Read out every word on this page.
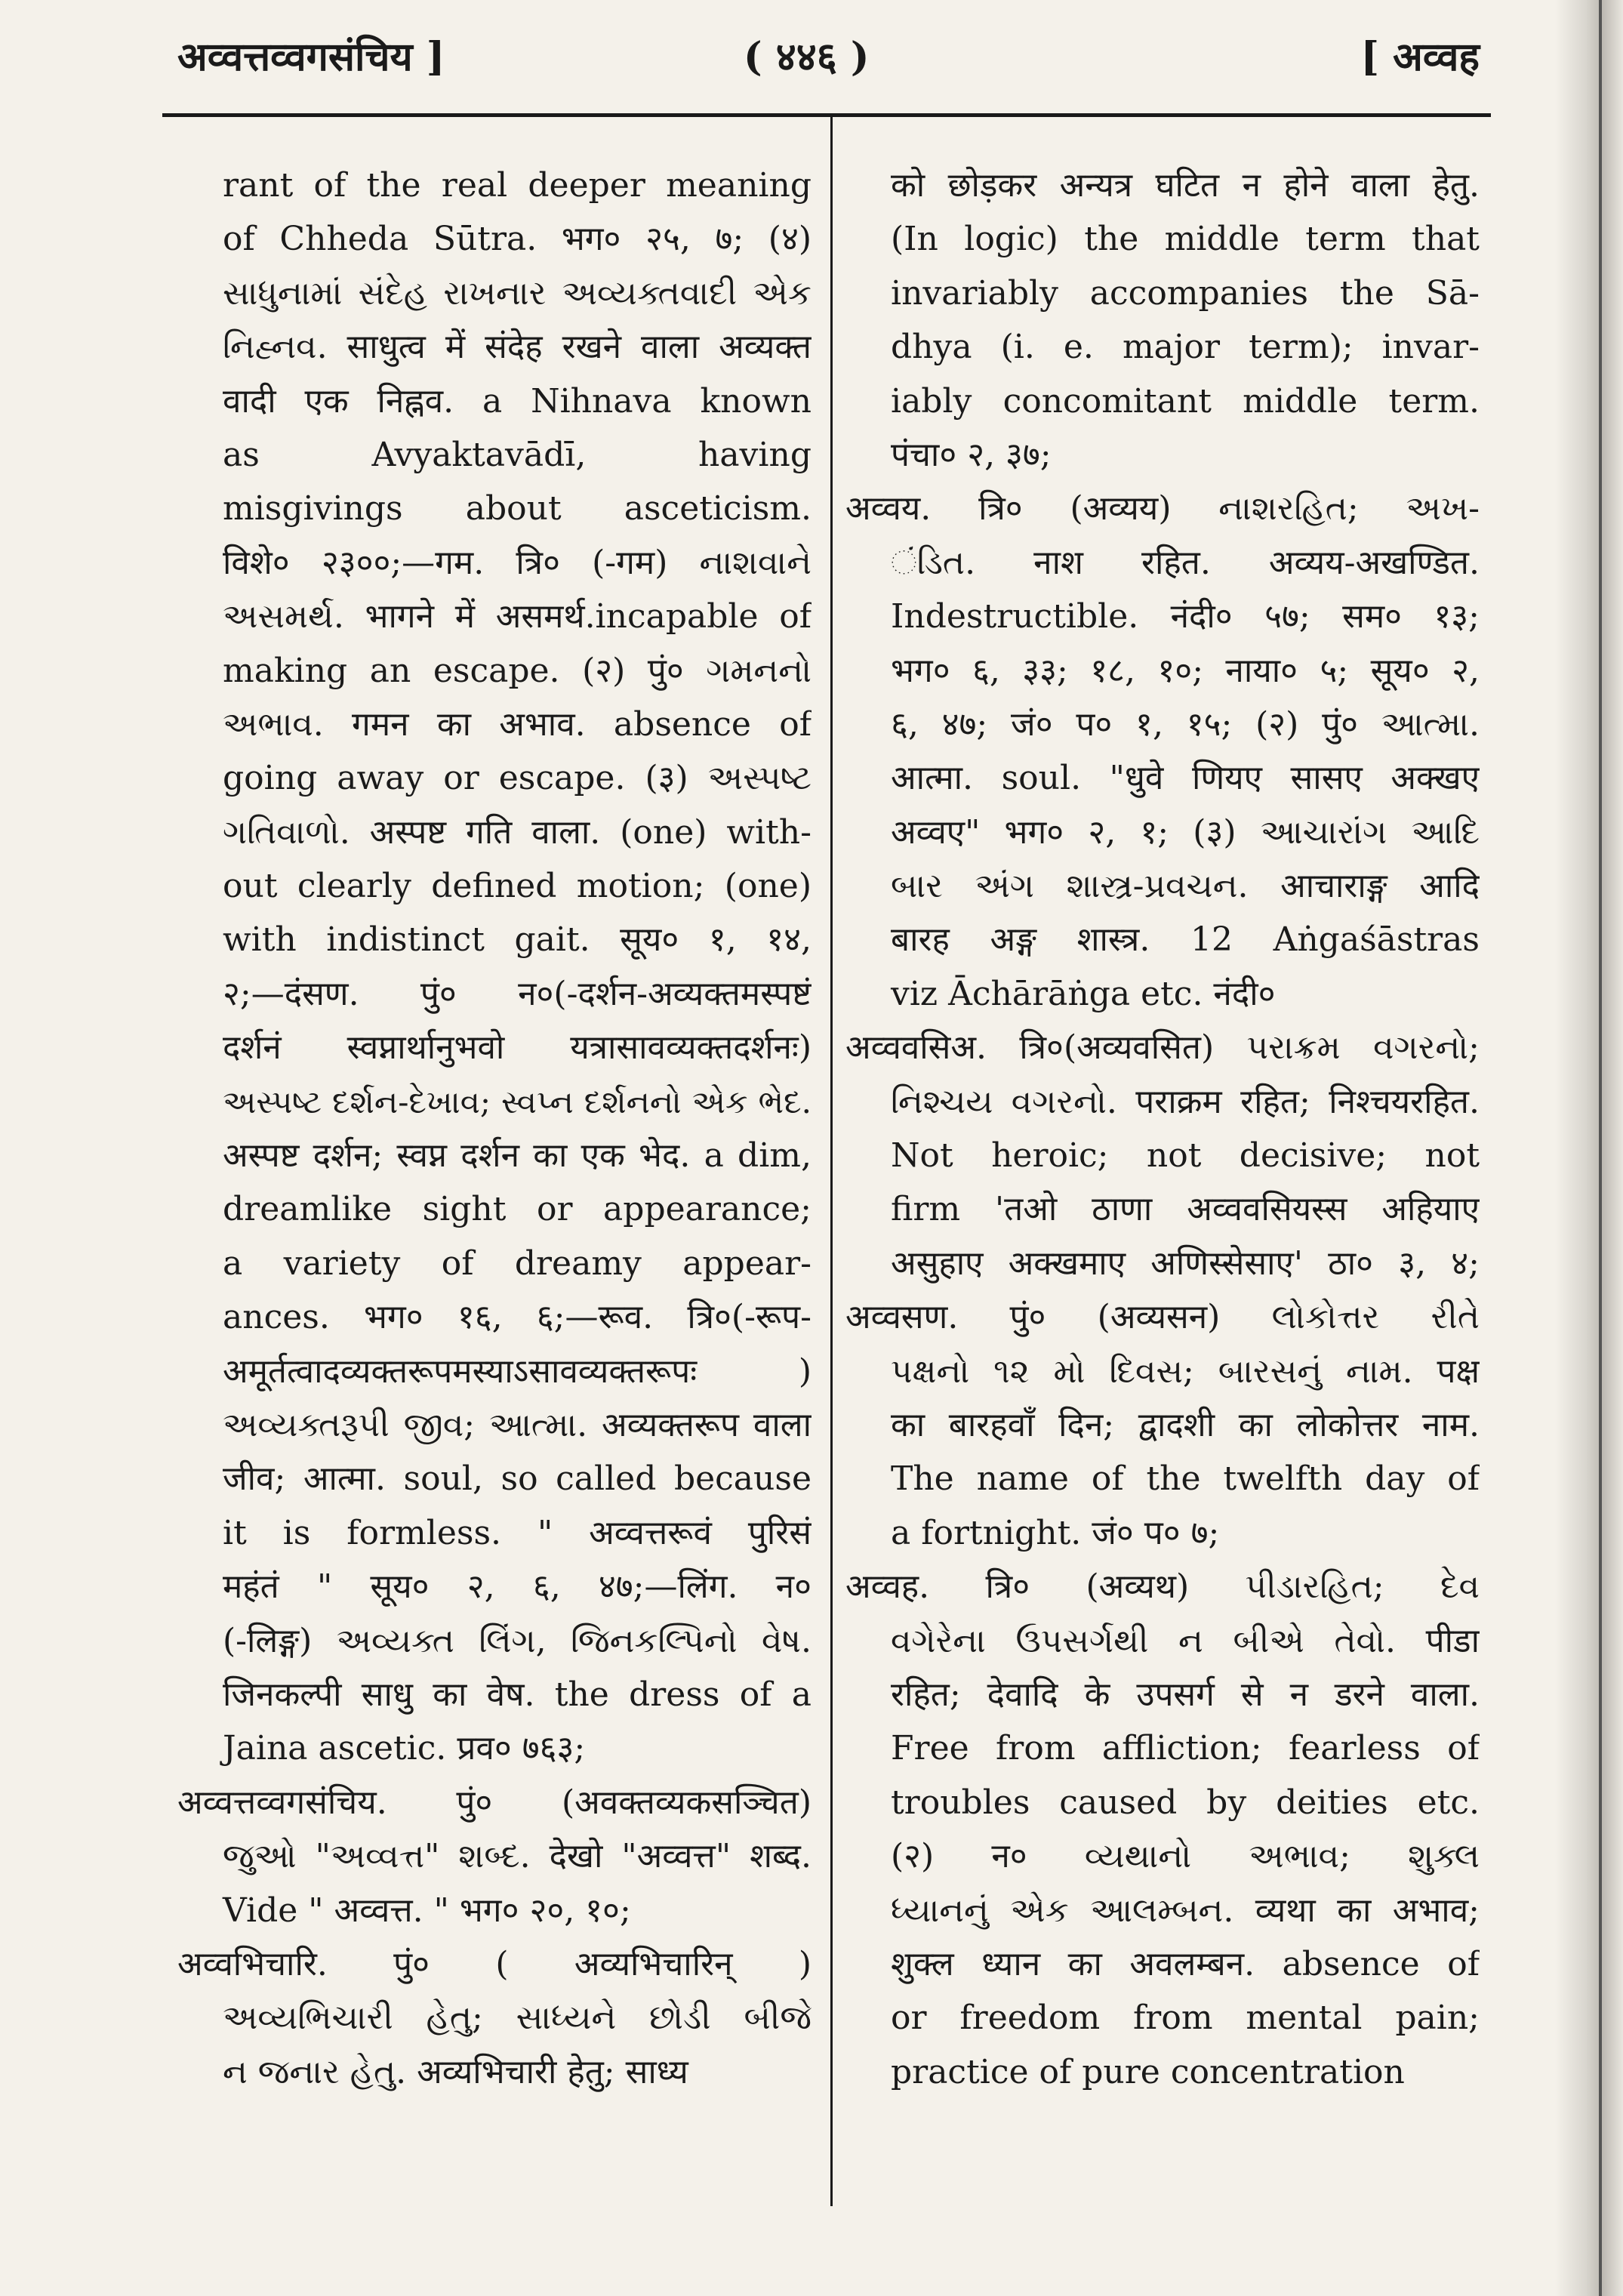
अव्वत्तव्वगसंचिय ]	( ४४६ )	[ अव्वह
rant of the real deeper meaning
of Chheda Sūtra. भग० २५, ७; (४)
સાધુનામાં સંદેહ રાખનાર અવ્યક્તવાદી એક
નિહ્નવ. साधुत्व में संदेह रखने वाला अव्यक्त
वादी एक निह्नव. a Nihnava known
as Avyaktavādī, having
misgivings about asceticism.
विशे० २३००;—गम. त्रि० (-गम) નાશવાને
અસમર્થ. भागने में असमर्थ.incapable of
making an escape. (२) पुं० ગમનનો
અભાવ. गमन का अभाव. absence of
going away or escape. (३) અસ્પષ્ટ
ગતિવાળો. अस्पष्ट गति वाला. (one) with-
out clearly defined motion; (one)
with indistinct gait. सूय० १, १४,
२;—दंसण. पुं० न०(-दर्शन-अव्यक्तमस्पष्टं
दर्शनं स्वप्नार्थानुभवो यत्रासावव्यक्तदर्शनः)
અસ્પષ્ટ દર્શન-દેખાવ; સ્વપ્ન દર્શનનો એક ભેદ.
अस्पष्ट दर्शन; स्वप्न दर्शन का एक भेद. a dim,
dreamlike sight or appearance;
a variety of dreamy appear-
ances. भग० १६, ६;—रूव. त्रि०(-रूप-
अमूर्तत्वादव्यक्तरूपमस्याऽसावव्यक्तरूपः )
અવ્યક્તરૂપી જીવ; આત્મા. अव्यक्तरूप वाला
जीव; आत्मा. soul, so called because
it is formless. " अव्वत्तरूवं पुरिसं
महंतं " सूय० २, ६, ४७;—लिंग. न०
(-लिङ्ग) અવ્યક્ત લિંગ, જિનકલ્પિનો વેષ.
जिनकल्पी साधु का वेष. the dress of a
Jaina ascetic. प्रव० ७६३;
अव्वत्तव्वगसंचिय. पुं० (अवक्तव्यकसञ्चित)
જુઓ "અવ્વત્ત" શબ્દ. देखो "अव्वत्त" शब्द.
Vide " अव्वत्त. " भग० २०, १०;
अव्वभिचारि. पुं० ( अव्यभिचारिन् )
અવ્યભિચારી હેતુ; સાધ્યને છોડી બીજે
ન જનાર હેતુ. अव्यभिचारी हेतु; साध्य
को छोड़कर अन्यत्र घटित न होने वाला हेतु.
(In logic) the middle term that
invariably accompanies the Sā-
dhya (i. e. major term); invar-
iably concomitant middle term.
पंचा० २, ३७;
अव्वय. त्रि० (अव्यय) નાશરહિત; અખ-
ંડિત. नाश रहित. अव्यय-अखण्डित.
Indestructible. नंदी० ५७; सम० १३;
भग० ६, ३३; १८, १०; नाया० ५; सूय० २,
६, ४७; जं० प० १, १५; (२) पुं० આત્મા.
आत्मा. soul. "धुवे णियए सासए अक्खए
अव्वए" भग० २, १; (३) આચારાંગ આદિ
બાર અંગ શાસ્ત્ર-પ્રવચન. आचाराङ्ग आदि
बारह अङ्ग शास्त्र. 12 Aṅgaśāstras
viz Āchārāṅga etc. नंदी०
अव्ववसिअ. त्रि०(अव्यवसित) પરાક્રમ વગરનો;
નિશ્ચય વગરનો. पराक्रम रहित; निश्चयरहित.
Not heroic; not decisive; not
firm 'तओ ठाणा अव्ववसियस्स अहियाए
असुहाए अक्खमाए अणिस्सेसाए' ठा० ३, ४;
अव्वसण. पुं० (अव्यसन) લોકોત્તર રીતે
પક્ષનો ૧૨ મો દિવસ; બારસનું નામ. पक्ष
का बारहवाँ दिन; द्वादशी का लोकोत्तर नाम.
The name of the twelfth day of
a fortnight. जं० प० ७;
अव्वह. त्रि० (अव्यथ) પીડારહિત; દેવ
વગેરેના ઉપસર્ગથી ન બીએ તેવો. पीडा
रहित; देवादि के उपसर्ग से न डरने वाला.
Free from affliction; fearless of
troubles caused by deities etc.
(२) न० વ્યથાનો અભાવ; શુક્લ
ધ્યાનનું એક આલમ્બન. व्यथा का अभाव;
शुक्ल ध्यान का अवलम्बन. absence of
or freedom from mental pain;
practice of pure concentration
